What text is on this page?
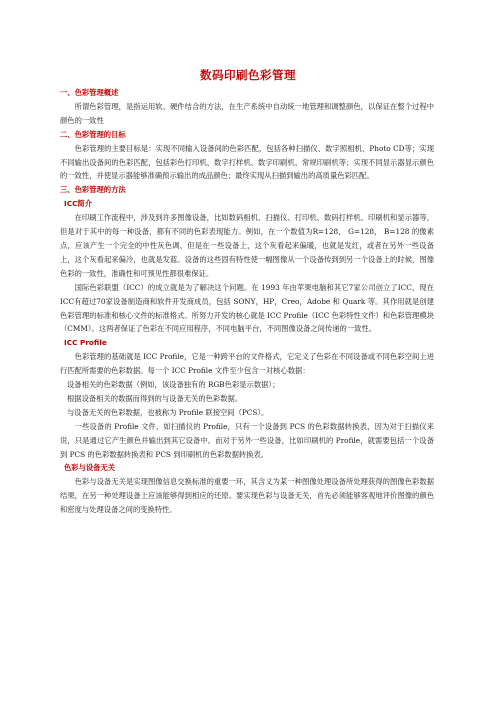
数码印刷色彩管理

一、色彩管理概述

所谓色彩管理，是指运用软、硬件结合的方法，在生产系统中自动统一地管理和调整颜色，以保证在整个过程中颜色的一致性

二、色彩管理的目标

色彩管理的主要目标是：实现不同输入设备间的色彩匹配，包括各种扫描仪、数字照相机、Photo CD等；实现不同输出设备间的色彩匹配，包括彩色打印机、数字打样机、数字印刷机、常规印刷机等；实现不同显示器显示颜色的一致性，并使显示器能够准确预示输出的成品颜色；最终实现从扫描到输出的高质量色彩匹配。

三、色彩管理的方法

ICC简介

在印刷工作流程中，涉及到许多图像设备，比如数码相机、扫描仪、打印机、数码打样机、印刷机和显示器等，但是对于其中的每一种设备，都有不同的色彩表现能力。例如，在一个数值为R=128， G=128， B=128 的像素点，应该产生一个完全的中性灰色调，但是在一些设备上，这个灰看起来偏暖，也就是发红，或者在另外一些设备上，这个灰看起来偏冷，也就是发蓝。设备的这些固有特性使一幅图像从一个设备传到到另一个设备上的时候，图像色彩的一致性，准确性和可预见性都很难保证。

国际色彩联盟（ICC）的成立就是为了解决这个问题。在 1993 年由苹果电脑和其它7家公司创立了ICC，现在ICC有超过70家设备制造商和软件开发商成员，包括 SONY，HP，Creo，Adobe 和 Quark 等。其作用就是创建色彩管理的标准和核心文件的标准格式。所努力开发的核心就是 ICC Profile（ICC 色彩特性文件）和色彩管理模块（CMM）。这两者保证了色彩在不同应用程序，不同电脑平台，不同图像设备之间传递的一致性。

ICC Profile

色彩管理的基础就是 ICC Profile，它是一种跨平台的文件格式，它定义了色彩在不同设备或不同色彩空间上进行匹配所需要的色彩数据。每一个 ICC Profile 文件至少包含一对核心数据：

设备相关的色彩数据（例如，该设备独有的 RGB色彩显示数据）；

根据设备相关的数据而得到的与设备无关的色彩数据。

与设备无关的色彩数据，也被称为 Profile 联接空间（PCS）。

一些设备的 Profile 文件，如扫描仪的 Profile，只有一个设备到 PCS 的色彩数据转换表，因为对于扫描仪来说，只是通过它产生颜色并输出到其它设备中。而对于另外一些设备，比如印刷机的 Profile，就需要包括一个设备到 PCS 的色彩数据转换表和 PCS 到印刷机的色彩数据转换表。

色彩与设备无关

色彩与设备无关是实现图像信息交换标准的重要一环，其含义为某一种图像处理设备所处理获得的图像色彩数据结果，在另一种处理设备上应该能够得到相应的还原。要实现色彩与设备无关，首先必须能够客观地评价图像的颜色和密度与处理设备之间的变换特性。
